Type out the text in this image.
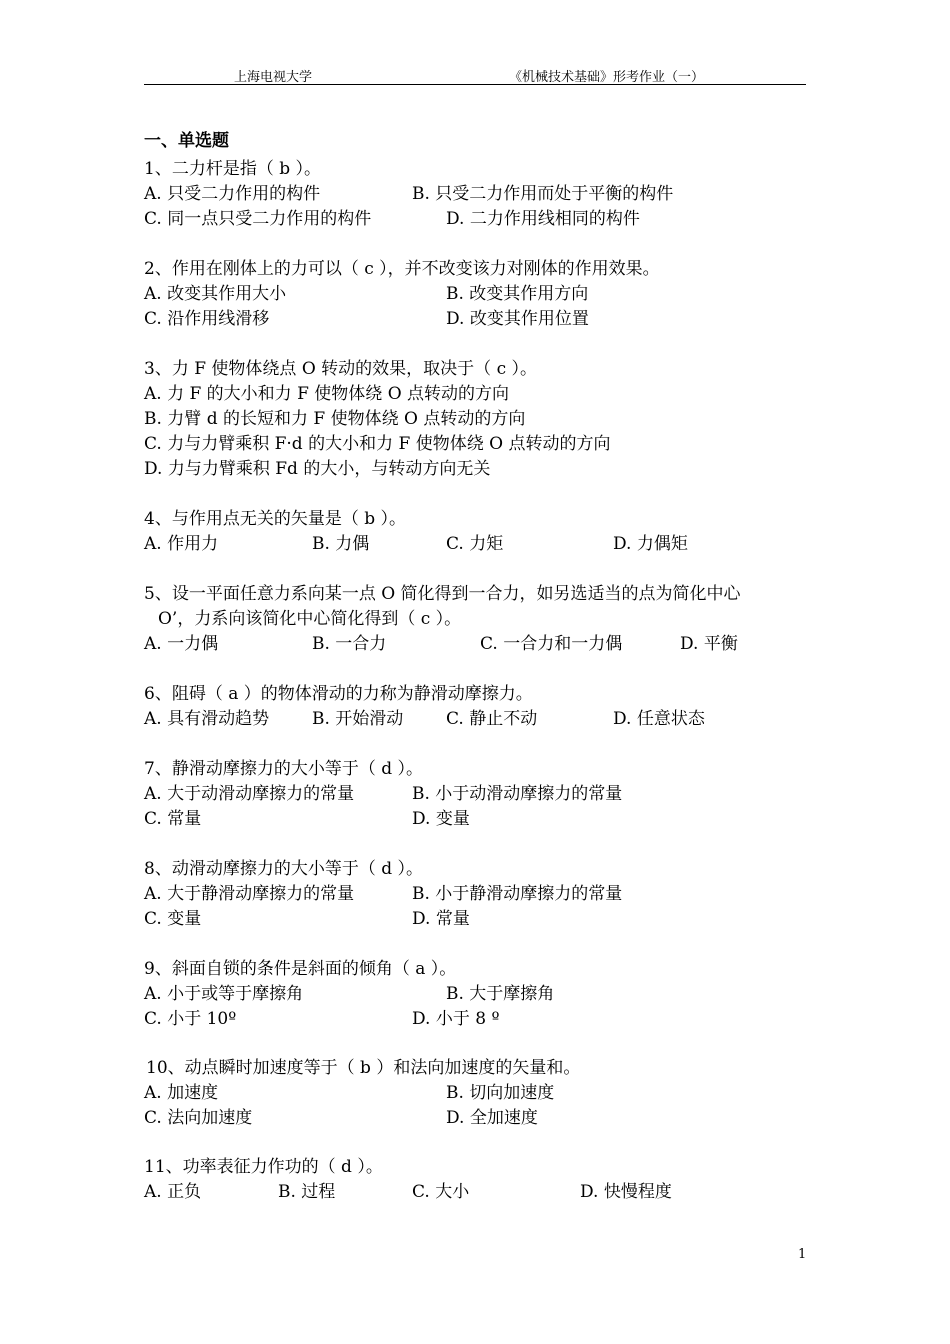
上海电视大学	《机械技术基础》形考作业（一）
一、单选题
1、二力杆是指（ b ）。
A. 只受二力作用的构件	B. 只受二力作用而处于平衡的构件
C. 同一点只受二力作用的构件	D. 二力作用线相同的构件
2、作用在刚体上的力可以（ c ），并不改变该力对刚体的作用效果。
A. 改变其作用大小	B. 改变其作用方向
C. 沿作用线滑移	D. 改变其作用位置
3、力 F 使物体绕点 O 转动的效果，取决于（ c ）。
A. 力 F 的大小和力 F 使物体绕 O 点转动的方向
B. 力臂 d 的长短和力 F 使物体绕 O 点转动的方向
C. 力与力臂乘积 F·d 的大小和力 F 使物体绕 O 点转动的方向
D. 力与力臂乘积 Fd 的大小，与转动方向无关
4、与作用点无关的矢量是（ b ）。
A. 作用力	B. 力偶	C. 力矩	D. 力偶矩
5、设一平面任意力系向某一点 O 简化得到一合力，如另选适当的点为简化中心
O’，力系向该简化中心简化得到（ c ）。
A. 一力偶	B. 一合力	C. 一合力和一力偶	D. 平衡
6、阻碍（ a ）的物体滑动的力称为静滑动摩擦力。
A. 具有滑动趋势	B. 开始滑动	C. 静止不动	D. 任意状态
7、静滑动摩擦力的大小等于（ d ）。
A. 大于动滑动摩擦力的常量	B. 小于动滑动摩擦力的常量
C. 常量	D. 变量
8、动滑动摩擦力的大小等于（ d ）。
A. 大于静滑动摩擦力的常量	B. 小于静滑动摩擦力的常量
C. 变量	D. 常量
9、斜面自锁的条件是斜面的倾角（ a ）。
A. 小于或等于摩擦角	B. 大于摩擦角
C. 小于 10º	D. 小于 8 º
10、动点瞬时加速度等于（ b ）和法向加速度的矢量和。
A. 加速度	B. 切向加速度
C. 法向加速度	D. 全加速度
11、功率表征力作功的（ d ）。
A. 正负	B. 过程	C. 大小	D. 快慢程度
1
